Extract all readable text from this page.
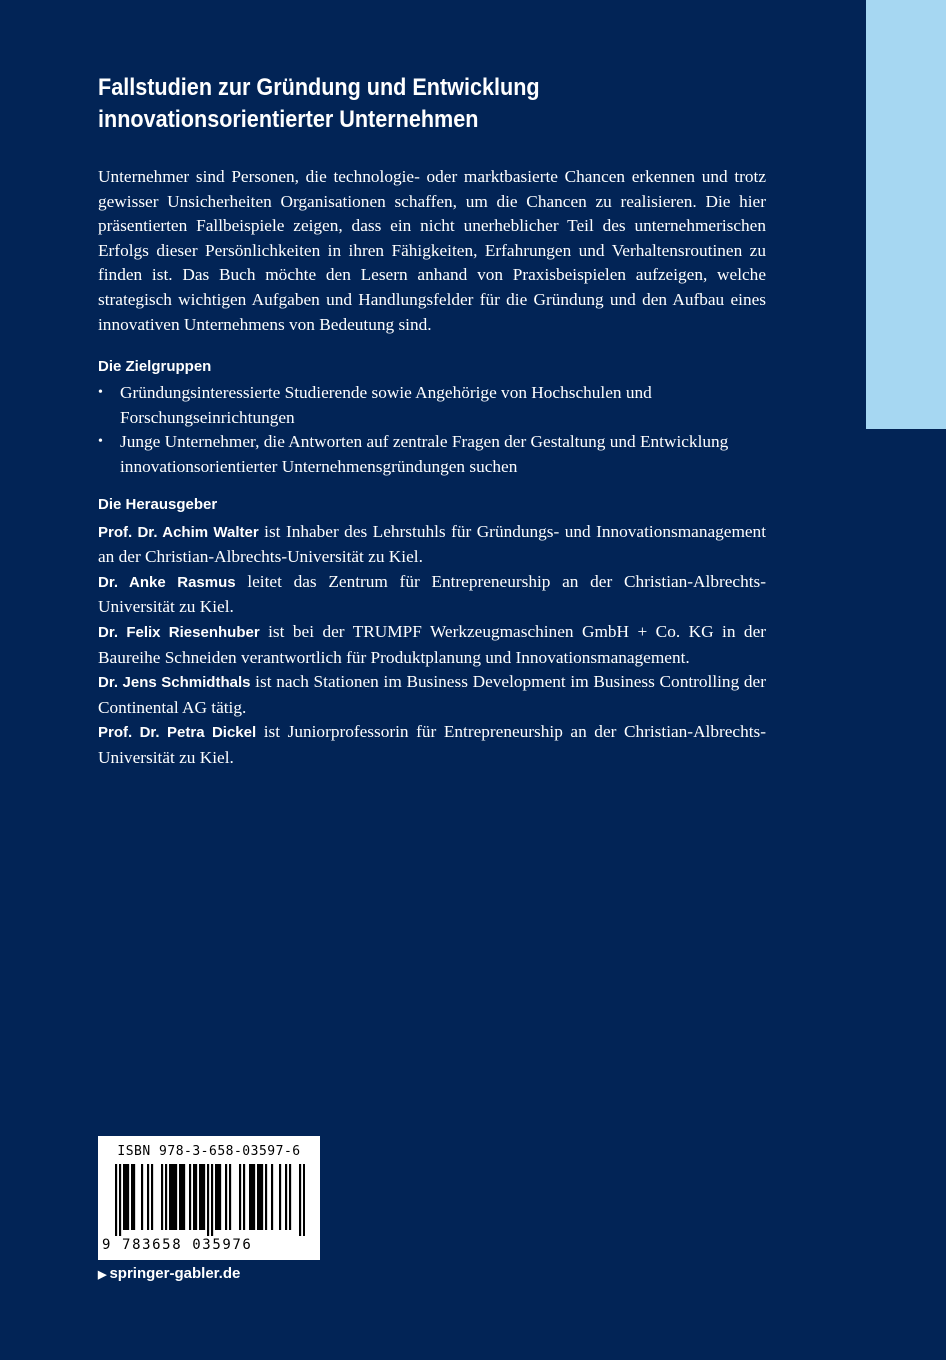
Fallstudien zur Gründung und Entwicklung
innovationsorientierter Unternehmen

Unternehmer sind Personen, die technologie- oder marktbasierte Chancen erkennen und trotz gewisser Unsicherheiten Organisationen schaffen, um die Chancen zu realisieren. Die hier präsentierten Fallbeispiele zeigen, dass ein nicht unerheblicher Teil des unternehmerischen Erfolgs dieser Persönlichkeiten in ihren Fähigkeiten, Erfahrungen und Verhaltensroutinen zu finden ist. Das Buch möchte den Lesern anhand von Praxisbeispielen aufzeigen, welche strategisch wichtigen Aufgaben und Handlungsfelder für die Gründung und den Aufbau eines innovativen Unternehmens von Bedeutung sind.

Die Zielgruppen
• Gründungsinteressierte Studierende sowie Angehörige von Hochschulen und Forschungseinrichtungen
• Junge Unternehmer, die Antworten auf zentrale Fragen der Gestaltung und Entwicklung innovationsorientierter Unternehmensgründungen suchen
Die Herausgeber

Prof. Dr. Achim Walter ist Inhaber des Lehrstuhls für Gründungs- und Innovationsmanagement an der Christian-Albrechts-Universität zu Kiel.

Dr. Anke Rasmus leitet das Zentrum für Entrepreneurship an der Christian-Albrechts-Universität zu Kiel.

Dr. Felix Riesenhuber ist bei der TRUMPF Werkzeugmaschinen GmbH + Co. KG in der Baureihe Schneiden verantwortlich für Produktplanung und Innovationsmanagement.

Dr. Jens Schmidthals ist nach Stationen im Business Development im Business Controlling der Continental AG tätig.

Prof. Dr. Petra Dickel ist Juniorprofessorin für Entrepreneurship an der Christian-Albrechts-Universität zu Kiel.

ISBN 978-3-658-03597-6
9 783658 035976
▶ springer-gabler.de
